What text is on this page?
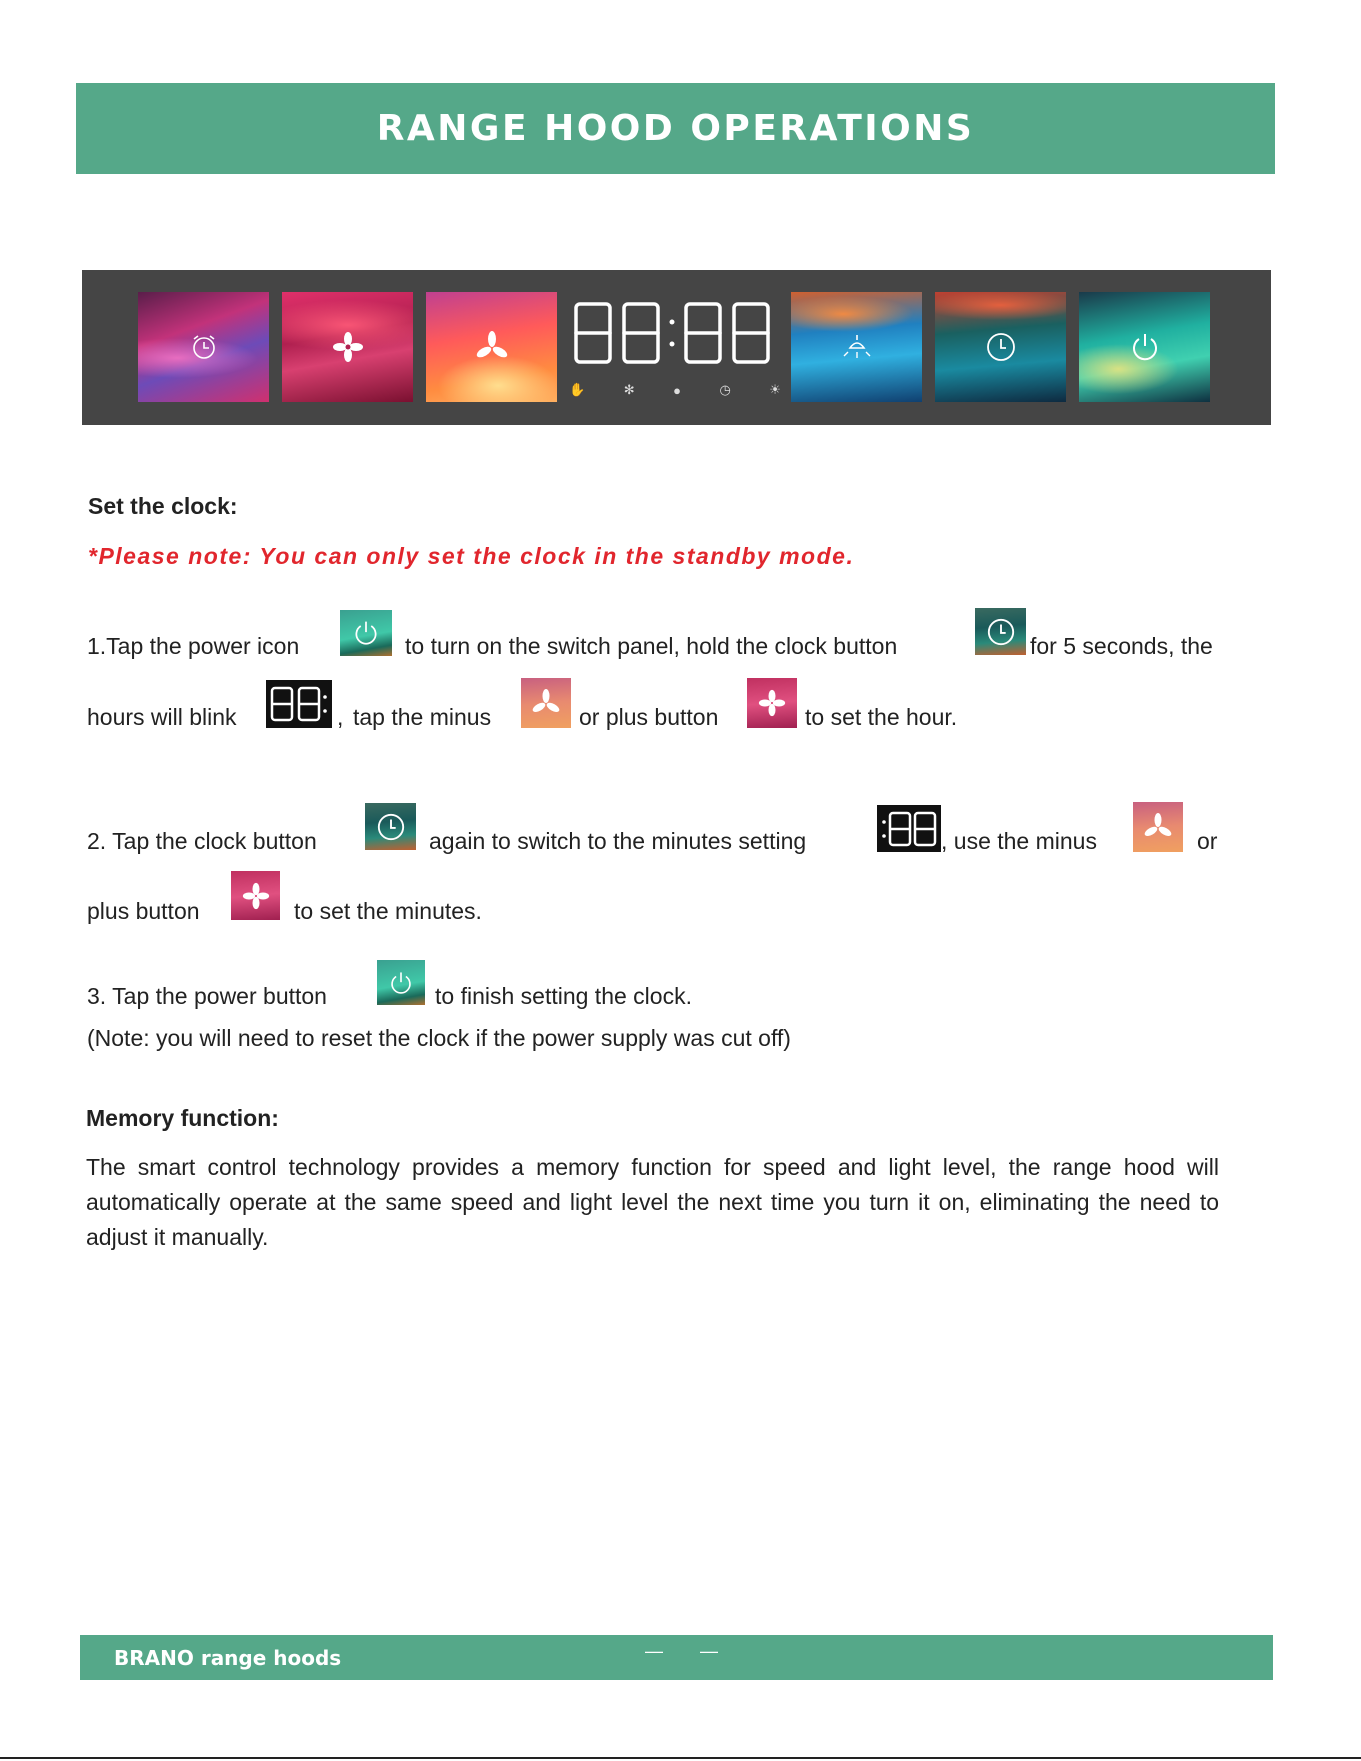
RANGE HOOD OPERATIONS
88:88
✋	✻	●	◷	☀
Set the clock:
*Please note: You can only set the clock in the standby mode.
1.Tap the power icon	to turn on the switch panel, hold the clock button	for 5 seconds, the
hours will blink	, tap the minus	or plus button	to set the hour.
2. Tap the clock button	again to switch to the minutes setting	, use the minus	or
plus button	to set the minutes.
3. Tap the power button	to finish setting the clock.
(Note: you will need to reset the clock if the power supply was cut off)
Memory function:
The smart control technology provides a memory function for speed and light level, the range hood will automatically operate at the same speed and light level the next time you turn it on, eliminating the need to adjust it manually.
BRANO range hoods	— —
